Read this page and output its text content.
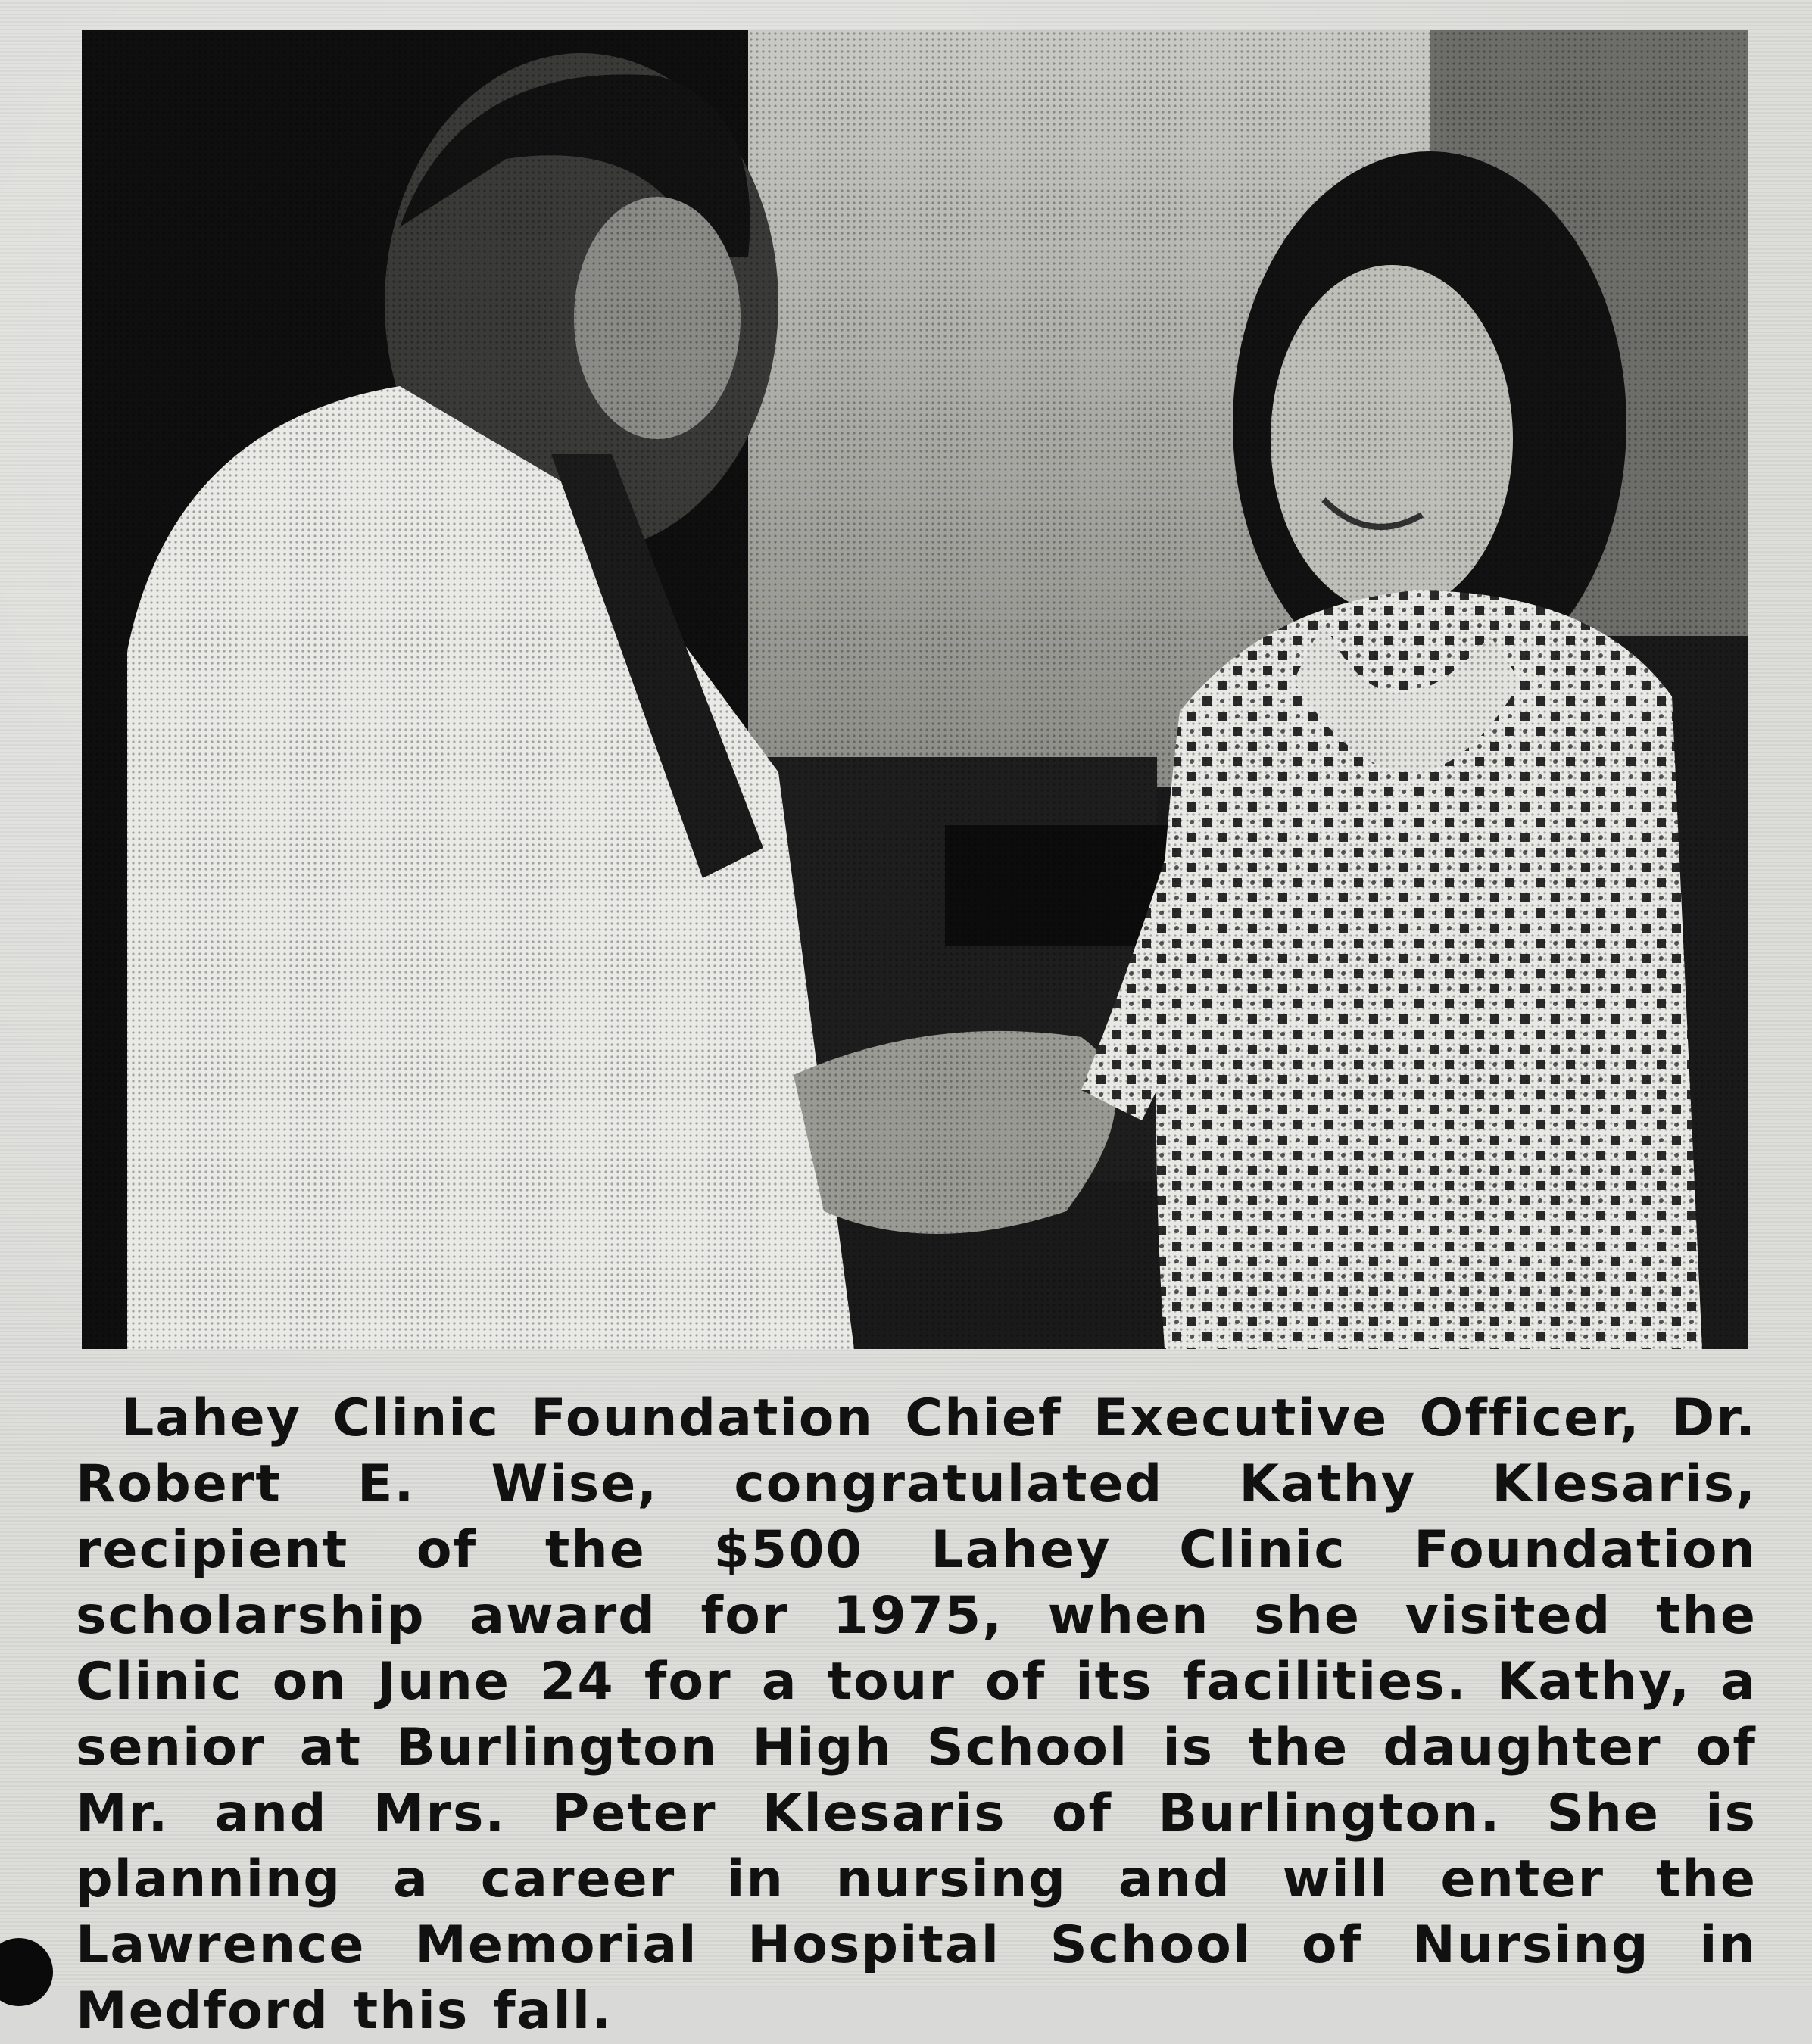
Lahey Clinic Foundation Chief Executive Officer, Dr. Robert E. Wise, congratulated Kathy Klesaris, recipient of the $500 Lahey Clinic Foundation scholarship award for 1975, when she visited the Clinic on June 24 for a tour of its facilities. Kathy, a senior at Burlington High School is the daughter of Mr. and Mrs. Peter Klesaris of Burlington. She is planning a career in nursing and will enter the Lawrence Memorial Hospital School of Nursing in Medford this fall.
